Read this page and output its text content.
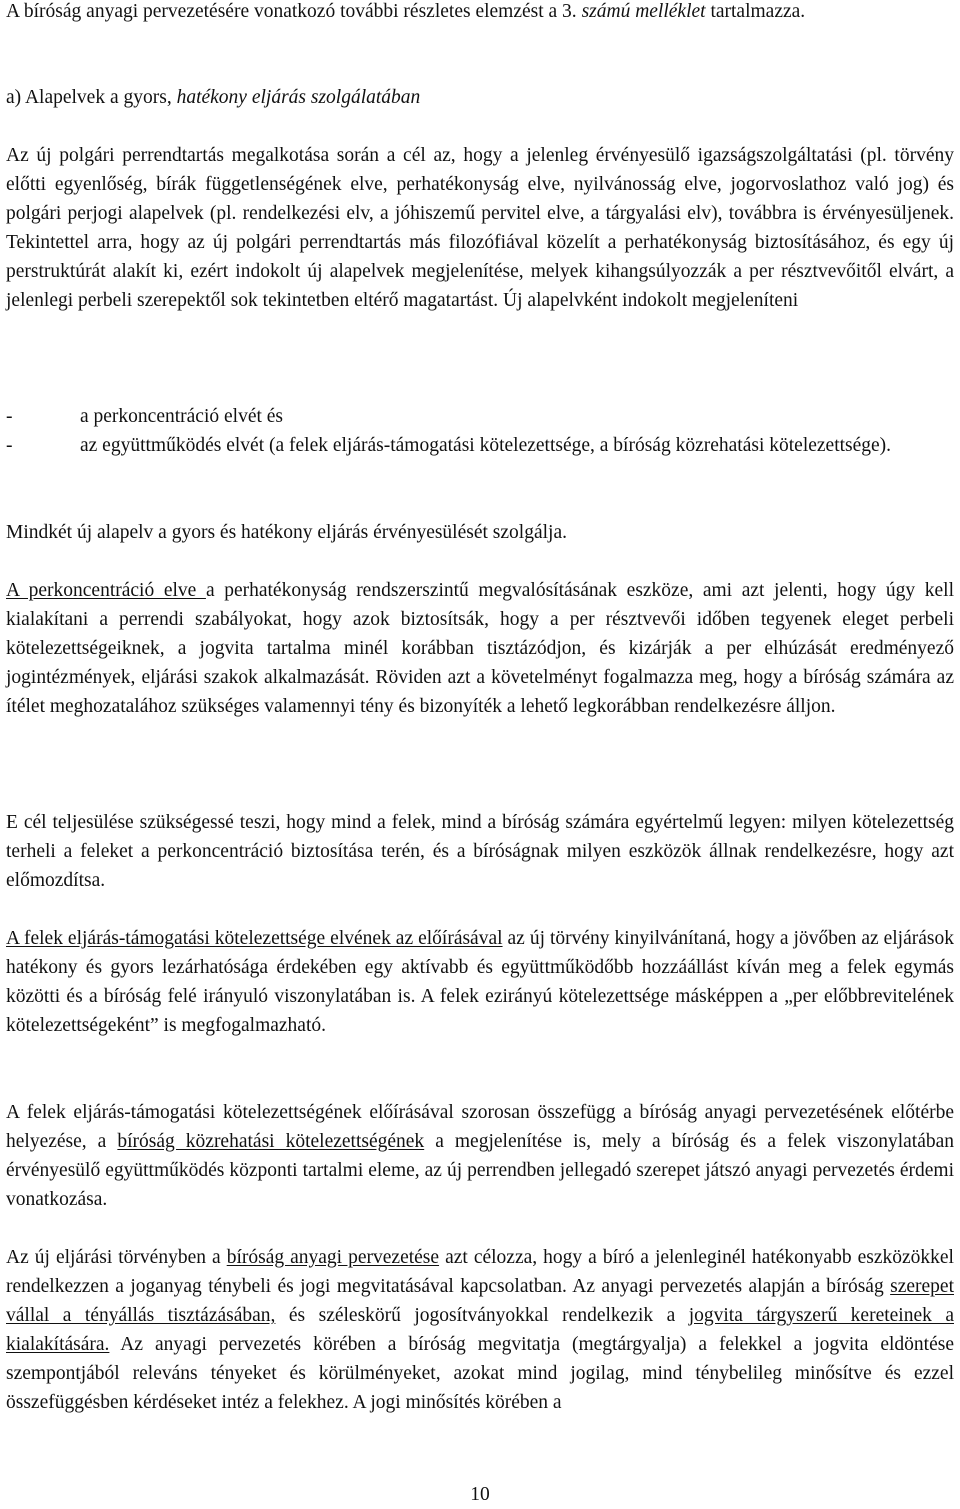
A bíróság anyagi pervezetésére vonatkozó további részletes elemzést a 3. számú melléklet tartalmazza.

a) Alapelvek a gyors, hatékony eljárás szolgálatában

Az új polgári perrendtartás megalkotása során a cél az, hogy a jelenleg érvényesülő igazságszolgáltatási (pl. törvény előtti egyenlőség, bírák függetlenségének elve, perhatékonyság elve, nyilvánosság elve, jogorvoslathoz való jog) és polgári perjogi alapelvek (pl. rendelkezési elv, a jóhiszemű pervitel elve, a tárgyalási elv), továbbra is érvényesüljenek. Tekintettel arra, hogy az új polgári perrendtartás más filozófiával közelít a perhatékonyság biztosításához, és egy új perstruktúrát alakít ki, ezért indokolt új alapelvek megjelenítése, melyek kihangsúlyozzák a per résztvevőitől elvárt, a jelenlegi perbeli szerepektől sok tekintetben eltérő magatartást. Új alapelvként indokolt megjeleníteni

-	a perkoncentráció elvét és
-	az együttműködés elvét (a felek eljárás-támogatási kötelezettsége, a bíróság közrehatási kötelezettsége).

Mindkét új alapelv a gyors és hatékony eljárás érvényesülését szolgálja.

A perkoncentráció elve a perhatékonyság rendszerszintű megvalósításának eszköze, ami azt jelenti, hogy úgy kell kialakítani a perrendi szabályokat, hogy azok biztosítsák, hogy a per résztvevői időben tegyenek eleget perbeli kötelezettségeiknek, a jogvita tartalma minél korábban tisztázódjon, és kizárják a per elhúzását eredményező jogintézmények, eljárási szakok alkalmazását. Röviden azt a követelményt fogalmazza meg, hogy a bíróság számára az ítélet meghozatalához szükséges valamennyi tény és bizonyíték a lehető legkorábban rendelkezésre álljon.

E cél teljesülése szükségessé teszi, hogy mind a felek, mind a bíróság számára egyértelmű legyen: milyen kötelezettség terheli a feleket a perkoncentráció biztosítása terén, és a bíróságnak milyen eszközök állnak rendelkezésre, hogy azt előmozdítsa.

A felek eljárás-támogatási kötelezettsége elvének az előírásával az új törvény kinyilvánítaná, hogy a jövőben az eljárások hatékony és gyors lezárhatósága érdekében egy aktívabb és együttműködőbb hozzáállást kíván meg a felek egymás közötti és a bíróság felé irányuló viszonylatában is. A felek ezirányú kötelezettsége másképpen a „per előbbrevitelének kötelezettségeként” is megfogalmazható.

A felek eljárás-támogatási kötelezettségének előírásával szorosan összefügg a bíróság anyagi pervezetésének előtérbe helyezése, a bíróság közrehatási kötelezettségének a megjelenítése is, mely a bíróság és a felek viszonylatában érvényesülő együttműködés központi tartalmi eleme, az új perrendben jellegadó szerepet játszó anyagi pervezetés érdemi vonatkozása.

Az új eljárási törvényben a bíróság anyagi pervezetése azt célozza, hogy a bíró a jelenleginél hatékonyabb eszközökkel rendelkezzen a joganyag ténybeli és jogi megvitatásával kapcsolatban. Az anyagi pervezetés alapján a bíróság szerepet vállal a tényállás tisztázásában, és széleskörű jogosítványokkal rendelkezik a jogvita tárgyszerű kereteinek a kialakítására. Az anyagi pervezetés körében a bíróság megvitatja (megtárgyalja) a felekkel a jogvita eldöntése szempontjából releváns tényeket és körülményeket, azokat mind jogilag, mind ténybelileg minősítve és ezzel összefüggésben kérdéseket intéz a felekhez. A jogi minősítés körében a

10
